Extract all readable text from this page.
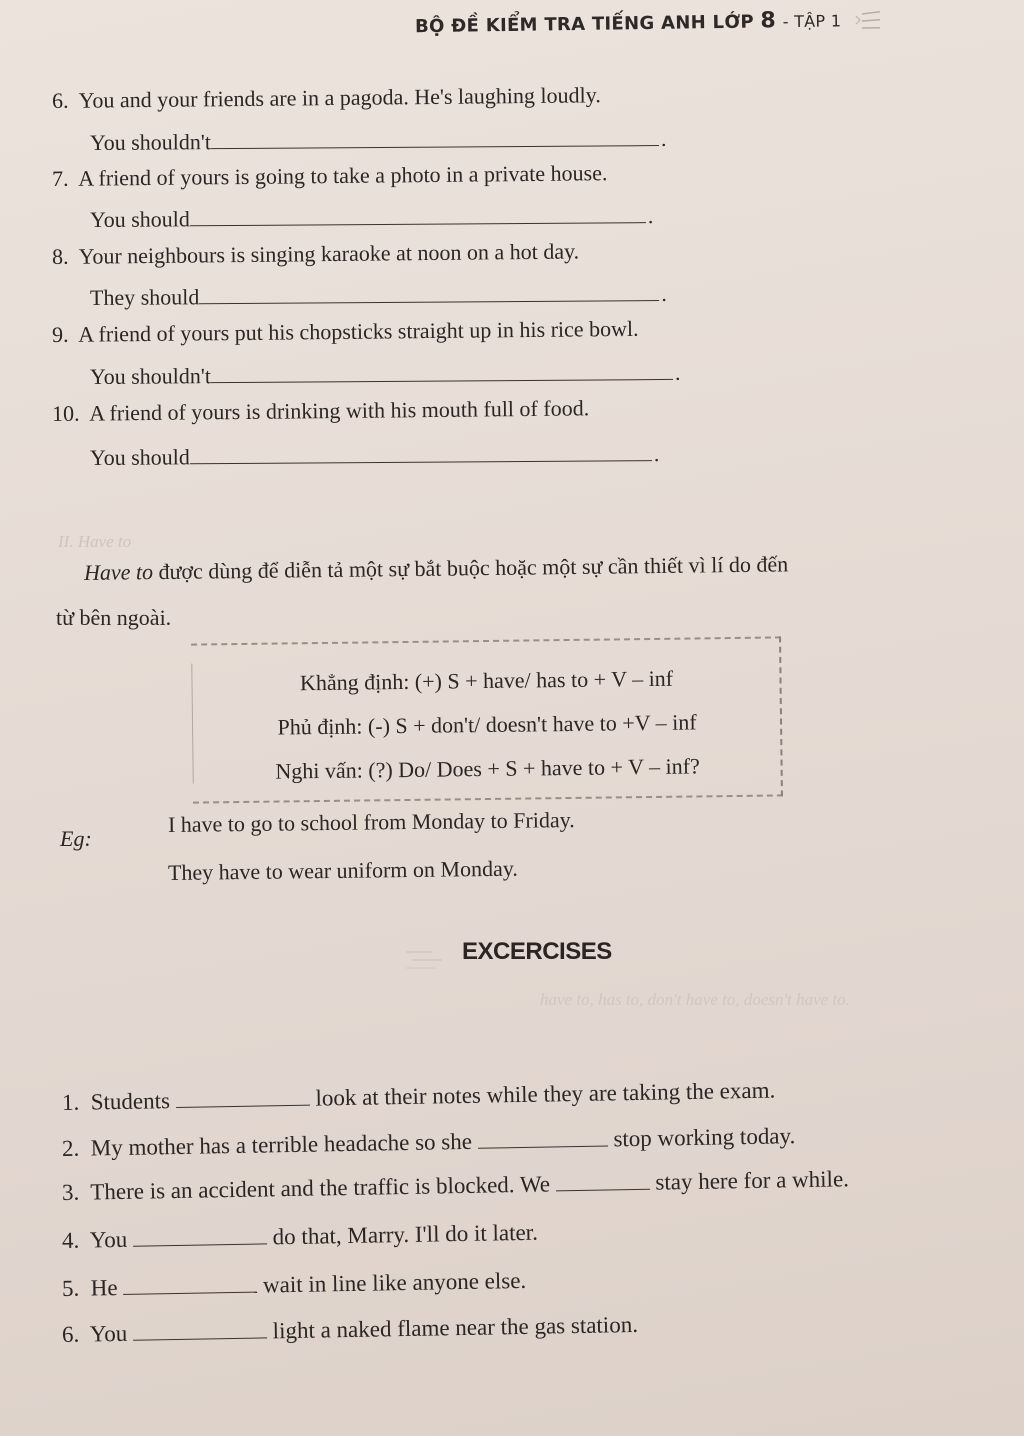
BỘ ĐỀ KIỂM TRA TIẾNG ANH LỚP 8 - TẬP 1
6. You and your friends are in a pagoda. He's laughing loudly.
You shouldn't	.
7. A friend of yours is going to take a photo in a private house.
You should	.
8. Your neighbours is singing karaoke at noon on a hot day.
They should	.
9. A friend of yours put his chopsticks straight up in his rice bowl.
You shouldn't	.
10. A friend of yours is drinking with his mouth full of food.
You should	.
II. Have to
Have to được dùng để diễn tả một sự bắt buộc hoặc một sự cần thiết vì lí do đến
từ bên ngoài.
Khẳng định: (+) S + have/ has to + V – inf
Phủ định: (-) S + don't/ doesn't have to +V – inf
Nghi vấn: (?) Do/ Does + S + have to + V – inf?
Eg:
I have to go to school from Monday to Friday.
They have to wear uniform on Monday.
EXCERCISES
have to, has to, don't have to, doesn't have to.
1. Students	look at their notes while they are taking the exam.
2. My mother has a terrible headache so she	stop working today.
3. There is an accident and the traffic is blocked. We	stay here for a while.
4. You	do that, Marry. I'll do it later.
5. He	wait in line like anyone else.
6. You	light a naked flame near the gas station.
